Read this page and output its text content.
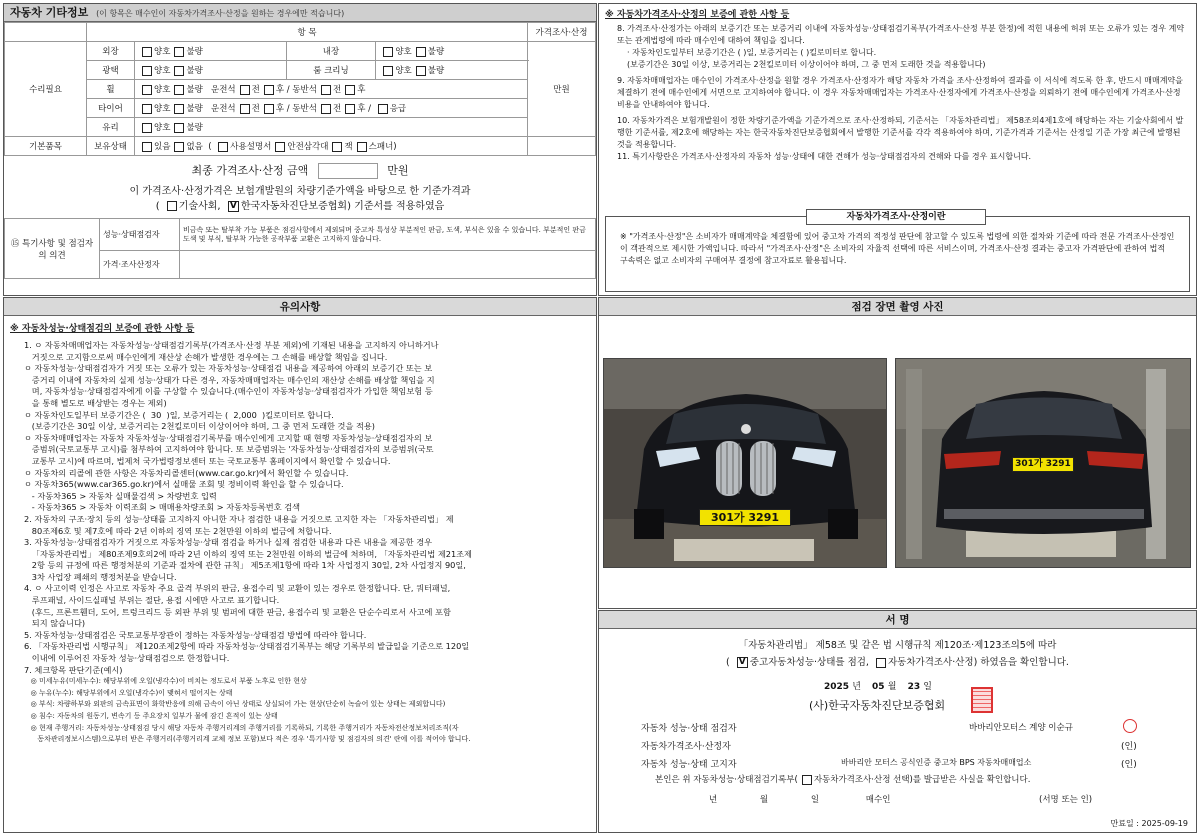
자동차 기타정보 (이 항목은 매수인이 자동차가격조사·산정을 원하는 경우에만 적습니다)
	항 목				가격조사·산정
수리필요	외장	양호 불량	내장	양호 불량	만원
	광택	양호 불량	룸 크리닝	양호 불량	
	휠	양호 불량 운전석 전 후 / 동반석 전 후			
	타이어	양호 불량 운전석 전 후 / 동반석 전 후 / 응급			
	유리	양호 불량			
기본품목	보유상태	있음 없음  ( 사용설명서 안전삼각대 잭 스패너)			
최종 가격조사·산정 금액	만원
이 가격조사·산정가격은 보험개발원의 차량기준가액을 바탕으로 한 기준가격과
( 기술사회, V 한국자동차진단보증협회) 기준서를 적용하였음
⑮ 특기사항 및 점검자의 의견	성능·상태점검자	비금속 또는 탈부착 가능 부품은 점검사항에서 제외되며 중고차 특성상 부분적인 판금, 도색, 부식은 있을 수 있습니다. 부분적인 판금 도색 및 부식, 탈부착 가능한 공작부품 교환은 고지하지 않습니다.
	가격·조사산정자	
※ 자동차가격조사·산정의 보증에 관한 사항 등

8. 가격조사·산정가는 아래의 보증기간 또는 보증거리 이내에 자동차성능·상태점검기록부(가격조사·산정 부분 한정)에 적힌 내용에 허위 또는 오류가 있는 경우 계약 또는 관계법령에 따라 매수인에 대하여 책임을 집니다.

· 자동차인도일부터 보증기간은 ( )일, 보증거리는 ( )킬로미터로 합니다.

(보증기간은 30일 이상, 보증거리는 2천킬로미터 이상이어야 하며, 그 중 먼저 도래한 것을 적용합니다)

9. 자동차매매업자는 매수인이 가격조사·산정을 원할 경우 가격조사·산정자가 해당 자동차 가격을 조사·산정하여 결과를 이 서식에 적도록 한 후, 반드시 매매계약을 체결하기 전에 매수인에게 서면으로 고지하여야 합니다. 이 경우 자동차매매업자는 가격조사·산정자에게 가격조사·산정을 의뢰하기 전에 매수인에게 가격조사·산정 비용을 안내하여야 합니다.

10. 자동차가격은 보험개발원이 정한 차량기준가액을 기준가격으로 조사·산정하되, 기준서는 「자동차관리법」 제58조의4제1호에 해당하는 자는 기술사회에서 발행한 기준서를, 제2호에 해당하는 자는 한국자동차진단보증협회에서 발행한 기준서를 각각 적용하여야 하며, 기준가격과 기준서는 산정일 기준 가장 최근에 발행된 것을 적용합니다.

11. 특기사항란은 가격조사·산정자의 자동차 성능·상태에 대한 견해가 성능·상태점검자의 견해와 다를 경우 표시합니다.

자동차가격조사·산정이란
※ "가격조사·산정"은 소비자가 매매계약을 체결함에 있어 중고차 가격의 적정성 판단에 참고할 수 있도록 법령에 의한 절차와 기준에 따라 전문 가격조사·산정인이 객관적으로 제시한 가액입니다. 따라서 "가격조사·산정"은 소비자의 자율적 선택에 따른 서비스이며, 가격조사·산정 결과는 중고자 가격판단에 관하여 법적 구속력은 없고 소비자의 구매여부 결정에 참고자료로 활용됩니다.
유의사항
※ 자동차성능·상태점검의 보증에 관한 사항 등
1. ㅇ 자동차매매업자는 자동차성능·상태점검기록부(가격조사·산정 부분 제외)에 기재된 내용을 고지하지 아니하거나
거짓으로 고지함으로써 매수인에게 재산상 손해가 발생한 경우에는 그 손해를 배상할 책임을 집니다.
ㅇ 자동차성능·상태점검자가 거짓 또는 오류가 있는 자동차성능·상태점검 내용을 제공하여 아래의 보증기간 또는 보
증거리 이내에 자동차의 실제 성능·상태가 다른 경우, 자동차매매업자는 매수인의 재산상 손해를 배상할 책임을 지
며, 자동차성능·상태점검자에게 이를 구상할 수 있습니다.(매수인이 자동차성능·상태점검자가 가입한 책임보험 등
을 통해 별도로 배상받는 경우는 제외)
ㅇ 자동차인도일부터 보증기간은 (  30  )일, 보증거리는 (  2,000  )킬로미터로 합니다.
(보증기간은 30일 이상, 보증거리는 2천킬로미터 이상이어야 하며, 그 중 먼저 도래한 것을 적용)
ㅇ 자동차매매업자는 자동차 자동차성능·상태점검기록부를 매수인에게 고지할 때 현행 자동차성능·상태점검자의 보
증범위(국토교통부 고시)를 첨부하여 고지하여야 합니다. 또 보증범위는 '자동차성능·상태점검자의 보증범위(국토
교통부 고시)에 따르며, 법제처 국가법령정보센터 또는 국토교통부 홈페이지에서 확인할 수 있습니다.
ㅇ 자동차의 리콜에 관한 사항은 자동차리콜센터(www.car.go.kr)에서 확인할 수 있습니다.
ㅇ 자동차365(www.car365.go.kr)에서 실매물 조회 및 정비이력 확인을 할 수 있습니다.
- 자동차365 > 자동차 실매물검색 > 차량번호 입력
- 자동차365 > 자동차 이력조회 > 매매용차량조회 > 자동차등록번호 검색
2. 자동차의 구조·장치 등의 성능·상태를 고지하지 아니한 자나 점검한 내용을 거짓으로 고지한 자는 「자동차관리법」 제
80조제6호 및 제7호에 따라 2년 이하의 징역 또는 2천만원 이하의 벌금에 처합니다.
3. 자동차성능·상태점검자가 거짓으로 자동차성능·상태 점검을 하거나 실제 점검한 내용과 다른 내용을 제공한 경우
「자동차관리법」 제80조제9호의2에 따라 2년 이하의 징역 또는 2천만원 이하의 벌금에 처하며, 「자동차관리법 제21조제
2항 등의 규정에 따른 행정처분의 기준과 절차에 관한 규칙」 제5조제1항에 따라 1차 사업정지 30일, 2차 사업정지 90일,
3차 사업장 폐쇄의 행정처분을 받습니다.
4. ㅇ 사고이력 인정은 사고로 자동차 주요 골격 부위의 판금, 용접수리 및 교환이 있는 경우로 한정합니다. 단, 쿼터패널,
루프패널, 사이드실패널 부위는 절단, 용접 시에만 사고로 표기합니다.
(후드, 프론트휀더, 도어, 트렁크리드 등 외판 부위 및 범퍼에 대한 판금, 용접수리 및 교환은 단순수리로서 사고에 포함
되지 않습니다)
5. 자동차성능·상태점검은 국토교통부장관이 정하는 자동차성능·상태점검 방법에 따라야 합니다.
6. 「자동차관리법 시행규칙」 제120조제2항에 따라 자동차성능·상태점검기록부는 해당 기록부의 발급일을 기준으로 120일
이내에 이루어진 자동차 성능·상태점검으로 한정합니다.
7. 체크항목 판단기준(예시)
◎ 미세누유(미세누수): 해당부위에 오일(냉각수)이 비치는 정도로서 부품 노후로 인한 현상
◎ 누유(누수): 해당부위에서 오일(냉각수)이 맺혀서 떨어지는 상태
◎ 부식: 차량하부와 외판의 금속표면이 화학반응에 의해 금속이 아닌 상태로 상실되어 가는 현상(단순히 녹슬어 있는 상태는 제외합니다)
◎ 침수: 자동차의 원동기, 변속기 등 주요장치 일부가 물에 잠긴 흔적이 있는 상태
◎ 현재 주행거리: 자동차성능·상태점검 당시 해당 자동차 주행거리계의 주행거리를 기록하되, 기록한 주행거리가 자동차전산정보처리조직(자
동차관리정보시스템)으로부터 받은 주행거리(주행거리계 교체 정보 포함)보다 적은 경우 '특기사항 및 점검자의 의견' 란에 이를 적어야 합니다.
점검 장면 촬영 사진
301가 3291
301가 3291
서 명
「자동차관리법」 제58조 및 같은 법 시행규칙 제120조·제123조의5에 따라
( V 중고자동차성능·상태를 점검, 자동차가격조사·산정) 하였음을 확인합니다.
2025 년 05 월 23 일
(사)한국자동차진단보증협회
자동차 성능·상태 점검자	바바리안모터스 계양 이순규
자동차가격조사·산정자	(인)
자동차 성능·상태 고지자	바바리안 모터스 공식인증 중고차 BPS 자동차매매업소	(인)
본인은 위 자동차성능·상태점검기록부( 자동차가격조사·산정 선택)를 발급받은 사실을 확인합니다.
년	월	일	매수인	(서명 또는 인)
만료일 : 2025-09-19
